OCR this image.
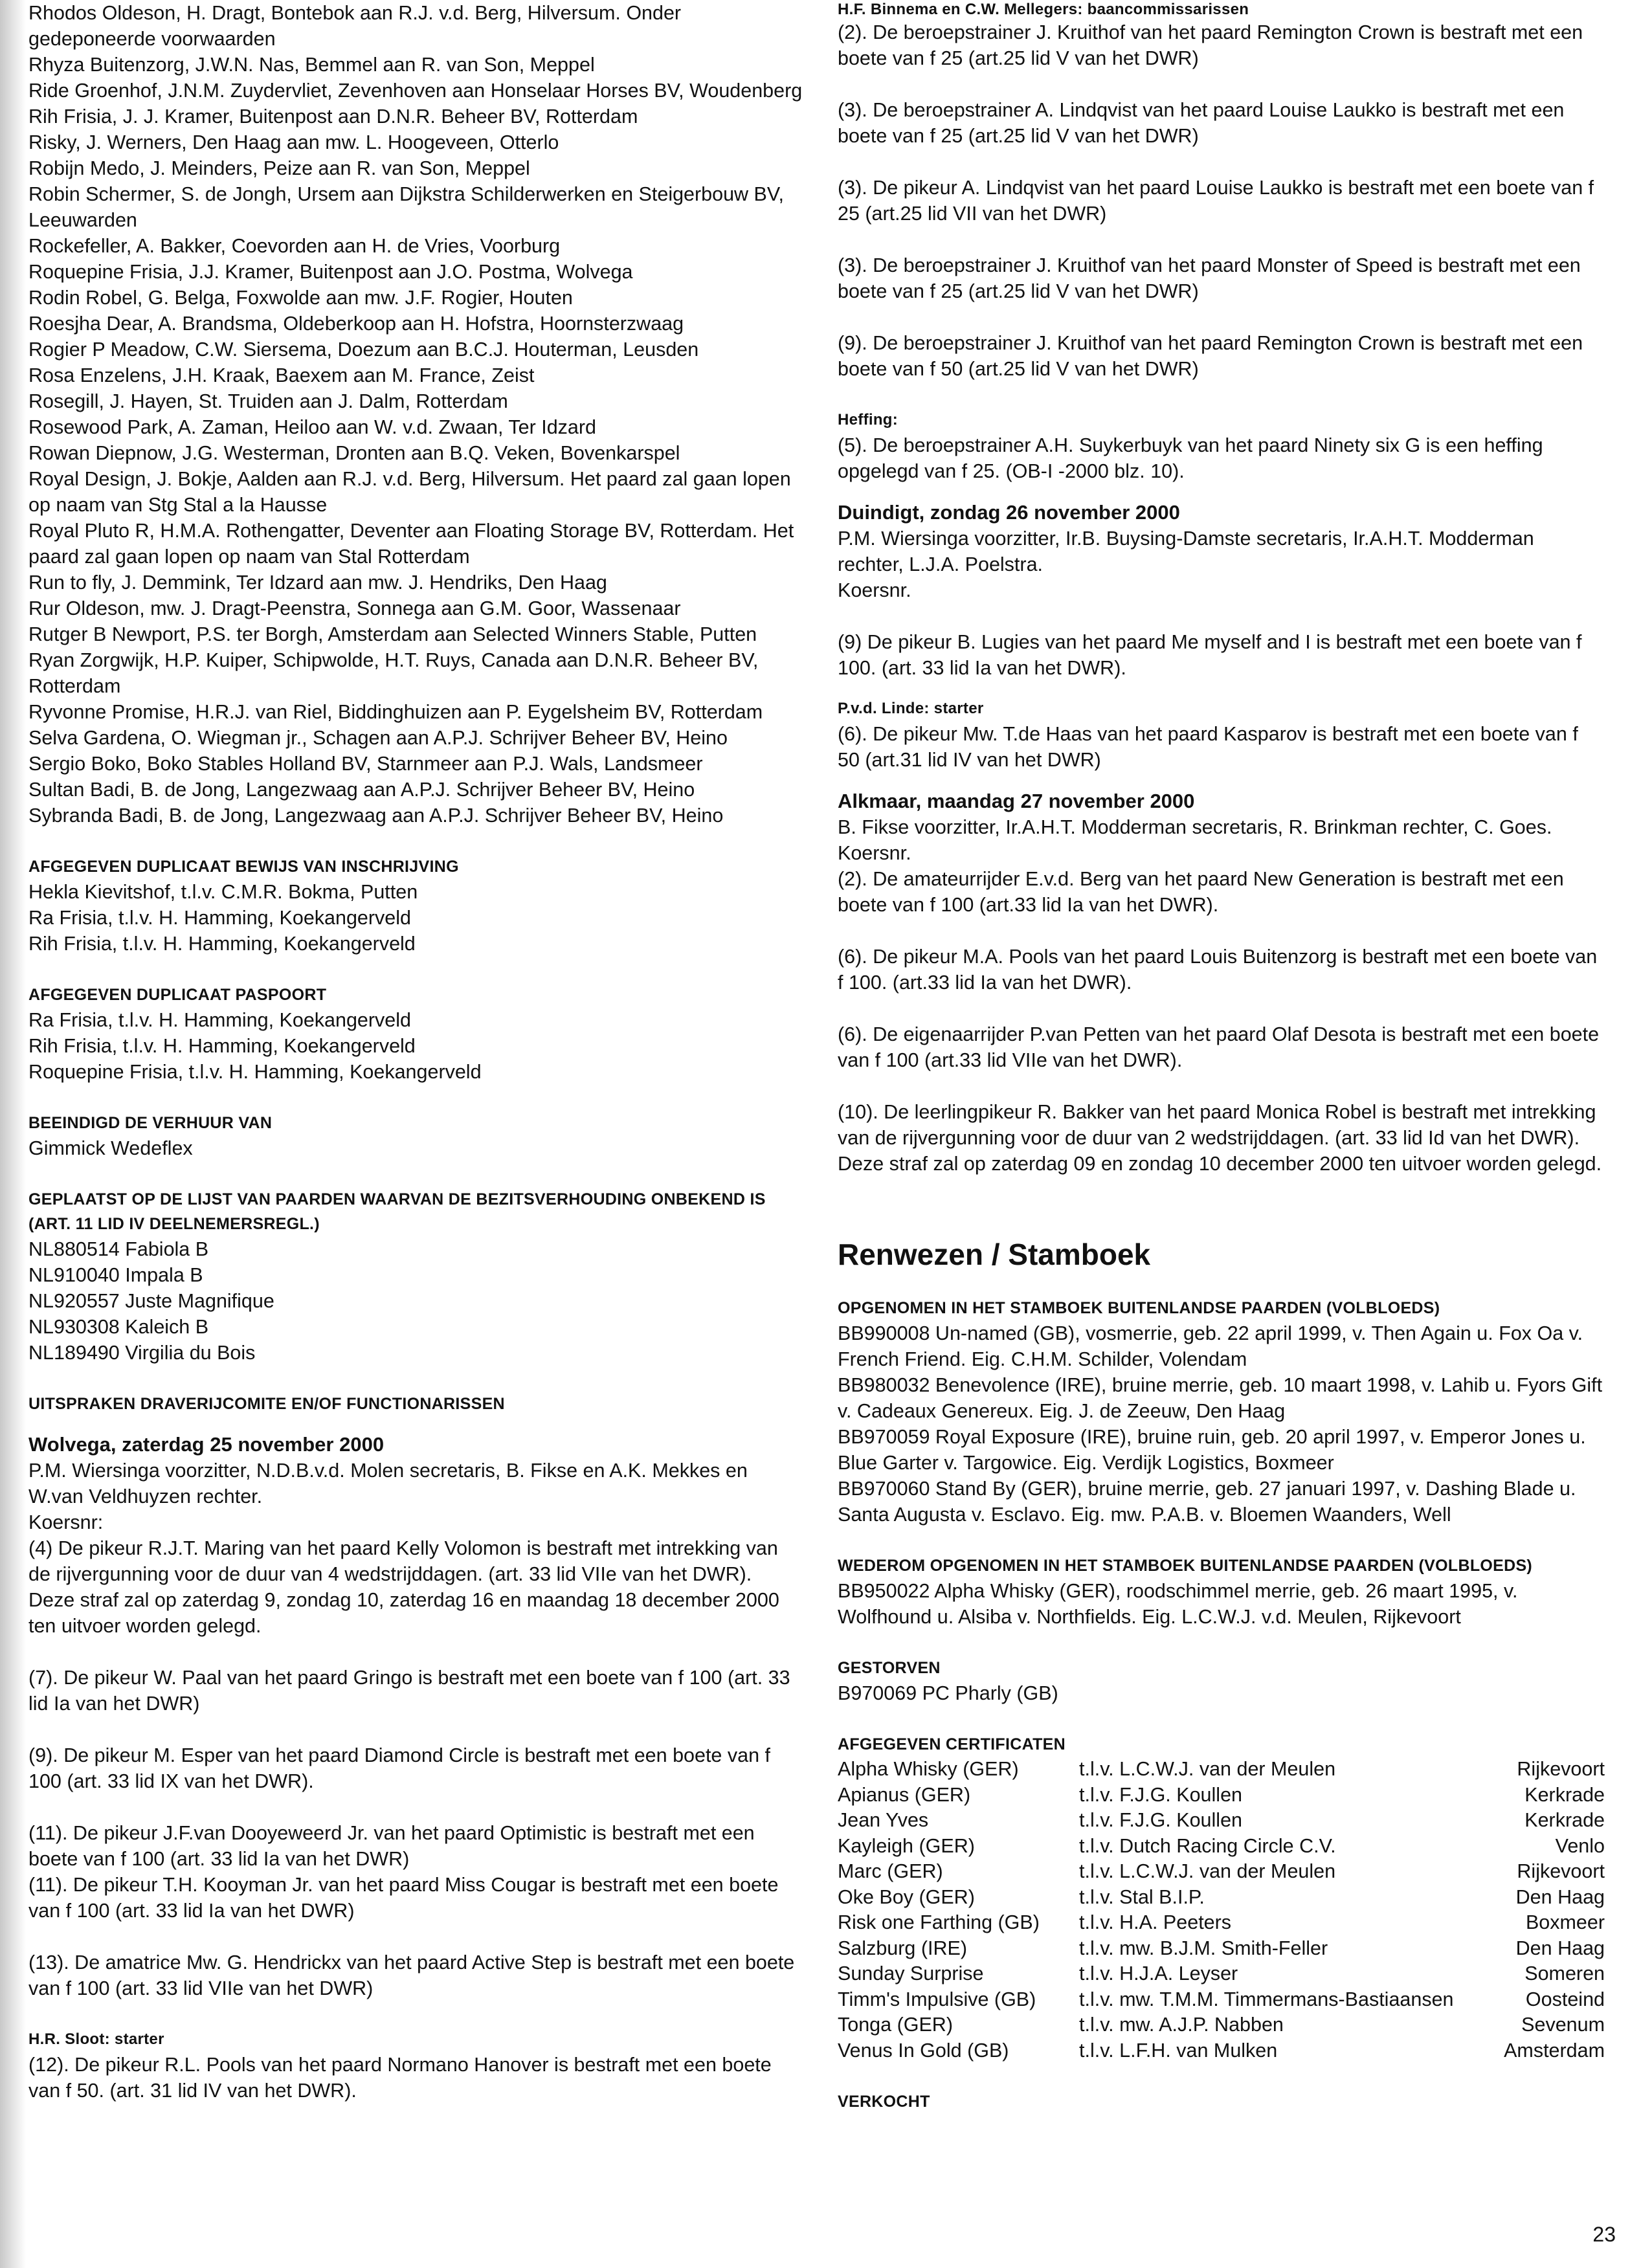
Rhodos Oldeson, H. Dragt, Bontebok aan R.J. v.d. Berg, Hilversum. Onder gedeponeerde voorwaarden

Rhyza Buitenzorg, J.W.N. Nas, Bemmel aan R. van Son, Meppel

Ride Groenhof, J.N.M. Zuydervliet, Zevenhoven aan Honselaar Horses BV, Woudenberg

Rih Frisia, J. J. Kramer, Buitenpost aan D.N.R. Beheer BV, Rotterdam

Risky, J. Werners, Den Haag aan mw. L. Hoogeveen, Otterlo

Robijn Medo, J. Meinders, Peize aan R. van Son, Meppel

Robin Schermer, S. de Jongh, Ursem aan Dijkstra Schilderwerken en Steigerbouw BV, Leeuwarden

Rockefeller, A. Bakker, Coevorden aan H. de Vries, Voorburg

Roquepine Frisia, J.J. Kramer, Buitenpost aan J.O. Postma, Wolvega

Rodin Robel, G. Belga, Foxwolde aan mw. J.F. Rogier, Houten

Roesjha Dear, A. Brandsma, Oldeberkoop aan H. Hofstra, Hoornsterzwaag

Rogier P Meadow, C.W. Siersema, Doezum aan B.C.J. Houterman, Leusden

Rosa Enzelens, J.H. Kraak, Baexem aan M. France, Zeist

Rosegill, J. Hayen, St. Truiden aan J. Dalm, Rotterdam

Rosewood Park, A. Zaman, Heiloo aan W. v.d. Zwaan, Ter Idzard

Rowan Diepnow, J.G. Westerman, Dronten aan B.Q. Veken, Bovenkarspel

Royal Design, J. Bokje, Aalden aan R.J. v.d. Berg, Hilversum. Het paard zal gaan lopen op naam van Stg Stal a la Hausse

Royal Pluto R, H.M.A. Rothengatter, Deventer aan Floating Storage BV, Rotterdam. Het paard zal gaan lopen op naam van Stal Rotterdam

Run to fly, J. Demmink, Ter Idzard aan mw. J. Hendriks, Den Haag

Rur Oldeson, mw. J. Dragt-Peenstra, Sonnega aan G.M. Goor, Wassenaar

Rutger B Newport, P.S. ter Borgh, Amsterdam aan Selected Winners Stable, Putten

Ryan Zorgwijk, H.P. Kuiper, Schipwolde, H.T. Ruys, Canada aan D.N.R. Beheer BV, Rotterdam

Ryvonne Promise, H.R.J. van Riel, Biddinghuizen aan P. Eygelsheim BV, Rotterdam

Selva Gardena, O. Wiegman jr., Schagen aan A.P.J. Schrijver Beheer BV, Heino

Sergio Boko, Boko Stables Holland BV, Starnmeer aan P.J. Wals, Landsmeer

Sultan Badi, B. de Jong, Langezwaag aan A.P.J. Schrijver Beheer BV, Heino

Sybranda Badi, B. de Jong, Langezwaag aan A.P.J. Schrijver Beheer BV, Heino

AFGEGEVEN DUPLICAAT BEWIJS VAN INSCHRIJVING

Hekla Kievitshof, t.l.v. C.M.R. Bokma, Putten

Ra Frisia, t.l.v. H. Hamming, Koekangerveld

Rih Frisia, t.l.v. H. Hamming, Koekangerveld

AFGEGEVEN DUPLICAAT PASPOORT

Ra Frisia, t.l.v. H. Hamming, Koekangerveld

Rih Frisia, t.l.v. H. Hamming, Koekangerveld

Roquepine Frisia, t.l.v. H. Hamming, Koekangerveld

BEEINDIGD DE VERHUUR VAN

Gimmick Wedeflex

GEPLAATST OP DE LIJST VAN PAARDEN WAARVAN DE BEZITSVERHOUDING ONBEKEND IS (ART. 11 LID IV DEELNEMERSREGL.)

NL880514 Fabiola B

NL910040 Impala B

NL920557 Juste Magnifique

NL930308 Kaleich B

NL189490 Virgilia du Bois

UITSPRAKEN DRAVERIJCOMITE EN/OF FUNCTIONARISSEN

Wolvega, zaterdag 25 november 2000

P.M. Wiersinga voorzitter, N.D.B.v.d. Molen secretaris, B. Fikse en A.K. Mekkes en W.van Veldhuyzen rechter.

Koersnr:

(4) De pikeur R.J.T. Maring van het paard Kelly Volomon is bestraft met intrekking van de rijvergunning voor de duur van 4 wedstrijddagen. (art. 33 lid VIIe van het DWR). Deze straf zal op zaterdag 9, zondag 10, zaterdag 16 en maandag 18 december 2000 ten uitvoer worden gelegd.

(7). De pikeur W. Paal van het paard Gringo is bestraft met een boete van f 100 (art. 33 lid Ia van het DWR)

(9). De pikeur M. Esper van het paard Diamond Circle is bestraft met een boete van f 100 (art. 33 lid IX van het DWR).

(11). De pikeur J.F.van Dooyeweerd Jr. van het paard Optimistic is bestraft met een boete van f 100 (art. 33 lid Ia van het DWR)

(11). De pikeur T.H. Kooyman Jr. van het paard Miss Cougar is bestraft met een boete van f 100 (art. 33 lid Ia van het DWR)

(13). De amatrice Mw. G. Hendrickx van het paard Active Step is bestraft met een boete van f 100 (art. 33 lid VIIe van het DWR)

H.R. Sloot: starter

(12). De pikeur R.L. Pools van het paard Normano Hanover is bestraft met een boete van f 50. (art. 31 lid IV van het DWR).

H.F. Binnema en C.W. Mellegers: baancommissarissen

(2). De beroepstrainer J. Kruithof van het paard Remington Crown is bestraft met een boete van f 25 (art.25 lid V van het DWR)

(3). De beroepstrainer A. Lindqvist van het paard Louise Laukko is bestraft met een boete van f 25 (art.25 lid V van het DWR)

(3). De pikeur A. Lindqvist van het paard Louise Laukko is bestraft met een boete van f 25 (art.25 lid VII van het DWR)

(3). De beroepstrainer J. Kruithof van het paard Monster of Speed is bestraft met een boete van f 25 (art.25 lid V van het DWR)

(9). De beroepstrainer J. Kruithof van het paard Remington Crown is bestraft met een boete van f 50 (art.25 lid V van het DWR)

Heffing:

(5). De beroepstrainer A.H. Suykerbuyk van het paard Ninety six G is een heffing opgelegd van f 25. (OB-I -2000 blz. 10).

Duindigt, zondag 26 november 2000

P.M. Wiersinga voorzitter, Ir.B. Buysing-Damste secretaris, Ir.A.H.T. Modderman rechter, L.J.A. Poelstra.

Koersnr.

(9) De pikeur B. Lugies van het paard Me myself and I is bestraft met een boete van f 100. (art. 33 lid Ia van het DWR).

P.v.d. Linde: starter

(6). De pikeur Mw. T.de Haas van het paard Kasparov is bestraft met een boete van f 50 (art.31 lid IV van het DWR)

Alkmaar, maandag 27 november 2000

B. Fikse voorzitter, Ir.A.H.T. Modderman secretaris, R. Brinkman rechter, C. Goes.

Koersnr.

(2). De amateurrijder E.v.d. Berg van het paard New Generation is bestraft met een boete van f 100 (art.33 lid Ia van het DWR).

(6). De pikeur M.A. Pools van het paard Louis Buitenzorg is bestraft met een boete van f 100. (art.33 lid Ia van het DWR).

(6). De eigenaarrijder P.van Petten van het paard Olaf Desota is bestraft met een boete van f 100 (art.33 lid VIIe van het DWR).

(10). De leerlingpikeur R. Bakker van het paard Monica Robel is bestraft met intrekking van de rijvergunning voor de duur van 2 wedstrijddagen. (art. 33 lid Id van het DWR). Deze straf zal op zaterdag 09 en zondag 10 december 2000 ten uitvoer worden gelegd.

Renwezen / Stamboek

OPGENOMEN IN HET STAMBOEK BUITENLANDSE PAARDEN (VOLBLOEDS)

BB990008 Un-named (GB), vosmerrie, geb. 22 april 1999, v. Then Again u. Fox Oa v. French Friend. Eig. C.H.M. Schilder, Volendam

BB980032 Benevolence (IRE), bruine merrie, geb. 10 maart 1998, v. Lahib u. Fyors Gift v. Cadeaux Genereux. Eig. J. de Zeeuw, Den Haag

BB970059 Royal Exposure (IRE), bruine ruin, geb. 20 april 1997, v. Emperor Jones u. Blue Garter v. Targowice. Eig. Verdijk Logistics, Boxmeer

BB970060 Stand By (GER), bruine merrie, geb. 27 januari 1997, v. Dashing Blade u. Santa Augusta v. Esclavo. Eig. mw. P.A.B. v. Bloemen Waanders, Well

WEDEROM OPGENOMEN IN HET STAMBOEK BUITENLANDSE PAARDEN (VOLBLOEDS)

BB950022 Alpha Whisky (GER), roodschimmel merrie, geb. 26 maart 1995, v. Wolfhound u. Alsiba v. Northfields. Eig. L.C.W.J. v.d. Meulen, Rijkevoort

GESTORVEN

B970069 PC Pharly (GB)

AFGEGEVEN CERTIFICATEN

Alpha Whisky (GER)	t.l.v. L.C.W.J. van der Meulen	Rijkevoort
Apianus (GER)	t.l.v. F.J.G. Koullen	Kerkrade
Jean Yves	t.l.v. F.J.G. Koullen	Kerkrade
Kayleigh (GER)	t.l.v. Dutch Racing Circle C.V.	Venlo
Marc (GER)	t.l.v. L.C.W.J. van der Meulen	Rijkevoort
Oke Boy (GER)	t.l.v. Stal B.I.P.	Den Haag
Risk one Farthing (GB)	t.l.v. H.A. Peeters	Boxmeer
Salzburg (IRE)	t.l.v. mw. B.J.M. Smith-Feller	Den Haag
Sunday Surprise	t.l.v. H.J.A. Leyser	Someren
Timm's Impulsive (GB)	t.l.v. mw. T.M.M. Timmermans-Bastiaansen	Oosteind
Tonga (GER)	t.l.v. mw. A.J.P. Nabben	Sevenum
Venus In Gold (GB)	t.l.v. L.F.H. van Mulken	Amsterdam

VERKOCHT

23
